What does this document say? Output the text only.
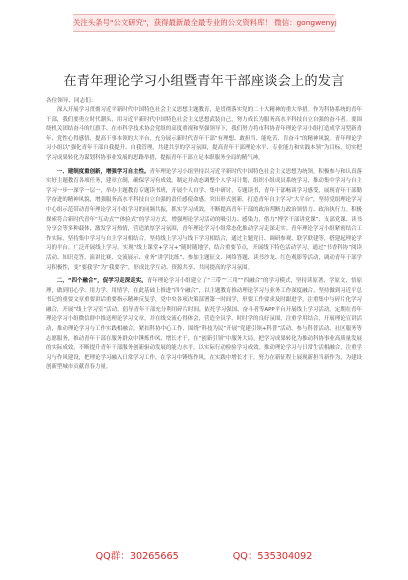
关注头条号"公文研究"，获得最新最全最专业的公文资料库！ 微信：gongwenyj
在青年理论学习小组暨青年干部座谈会上的发言
各位领导、同志们：

深入开展学习贯彻习近平新时代中国特色社会主义思想主题教育，是贯彻落实党的二十大精神的重大举措。作为科协系统的青年干部，我们要勇立时代潮头，用习近平新时代中国特色社会主义思想武装自己，努力成长为服务高水平科技自立自强的奋斗者。要围绕机关团结奋斗的红旗手、在市科学技术协会党组的高度重视和坚强领导下，我们努力将市科协青年理论学习小组打造成学习型新青年、党性心得感悟、提高干事本领的大平台，充分展示新时代青年干部“有理想、敢担当、能吃苦、肯奋斗”的精神风貌。青年理论学习小组以“强化青年干部自我提升、自我管理，共建共享的学习氛围，提高青年干部理论水平、专业能力和实践本领”为目标，切实把学习成果转化为谋划科协事业发展的思路举措，提振青年干部立足本职服务全局的精气神。

一、建制度重创新，增强学习自主性。青年理论学习小组坚持以习近平新时代中国特色社会主义思想为统领，积极参与和认真落实好主题教育各项任务，建章立制，确保学习有成效。制定并动态调整个人学习计划，组织小组成员系统学习，推动集中学习与自主学习一步一深学一层一，举办主题教育专题读书班，开展个人自学、集中研讨，专题读书，青年干部畅谈学习感受，展现青年干部勤学奋进的精神风貌，增强服务高水平科技自立自强的责任感使命感。突出形式创新，打造青年自主学习“大平台”，坚持党组理论学习中心组示范带动青年理论学习小组学习的同频共振，抓实学习成效，不断提高青年干部的政治判断力政治领悟力、政治执行力。积极探索符合新时代青年“互动式”“体验式”的学习方式，增强理论学习活动的吸引力、感染力，借力“博学干部讲党课”、支部党课、读书分享会等多种载体，激发学习热情，营造浓厚学习氛围，青年理论学习小组常态化推动学习走深走实。青年理论学习小组紧密结合工作实际，坚持集中学习与自主学习相结合，坚持线上学习与线下学习相结合，通过主题党日、调研参观、联学联建等，搭建起理论学习的平台。广泛开展线上学习，实现“线上课堂+学习+”随时随地学，结合重要节点，开展线下特色活动学习，通过“书香科协”阅读活动、知识竞答、演讲比赛、交流展示、业务“讲学比练”、参加主题征文、网络答题、读书沙龙、红色观影等活动，调动青年干部学习积极性，变“要我学”为“我要学”，形成比学互动、资源共享、共同提高的学习氛围。

二、“四个融合”，促学习走深走实。青年理论学习小组建立了“三带”“三用”“四融合”的学习模式，坚持读原著、学原文、悟原理，做到用心学、用力学、用情学，在此基础上推进“四个融合”，以主题教育推动理论学习与业务工作深度融合。坚持做到习近平总书记的重要文章重要讲话重要指示精神反复学，党中央各项决策部署第一时间学，形要工作要求及时跟进学，注重集中与碎片化学习融合，开展“线上学习室”活动，倡导青年干部充分利用碎片时间，依托学习强国、奋斗者等APP平台开展线上学习活动。定期在青年理论学习小组微信群中推送理论学习文章，并在线交流心得体会，营造全员学、时时学的良好氛围，注重学用结合，开展理论宣讲活动，推动理论学习与工作实践相融合。紧扣科协中心工作，围绕“科技为民”开展“党建引领+科普”活动，参与科普活动、社区服务等志愿服务，推动青年干部在服务群众中锤炼作风、增长才干，在“创新引领”中服务大局，把学习成果转化为推动科协事业高质量发展的实际成效，不断提升青年干部服务创新驱动发展的能力水平，以实际行动检验学习成效。推动理论学习与日常生活相融合，注重学习与作风建设，把理论学习融入日常学习工作，在学习中锤炼作风，在实践中增长才干，努力在新征程上展现新担当新作为，为建设创新型城市贡献青春力量。

QQ群：30265665	QQ：535304092
